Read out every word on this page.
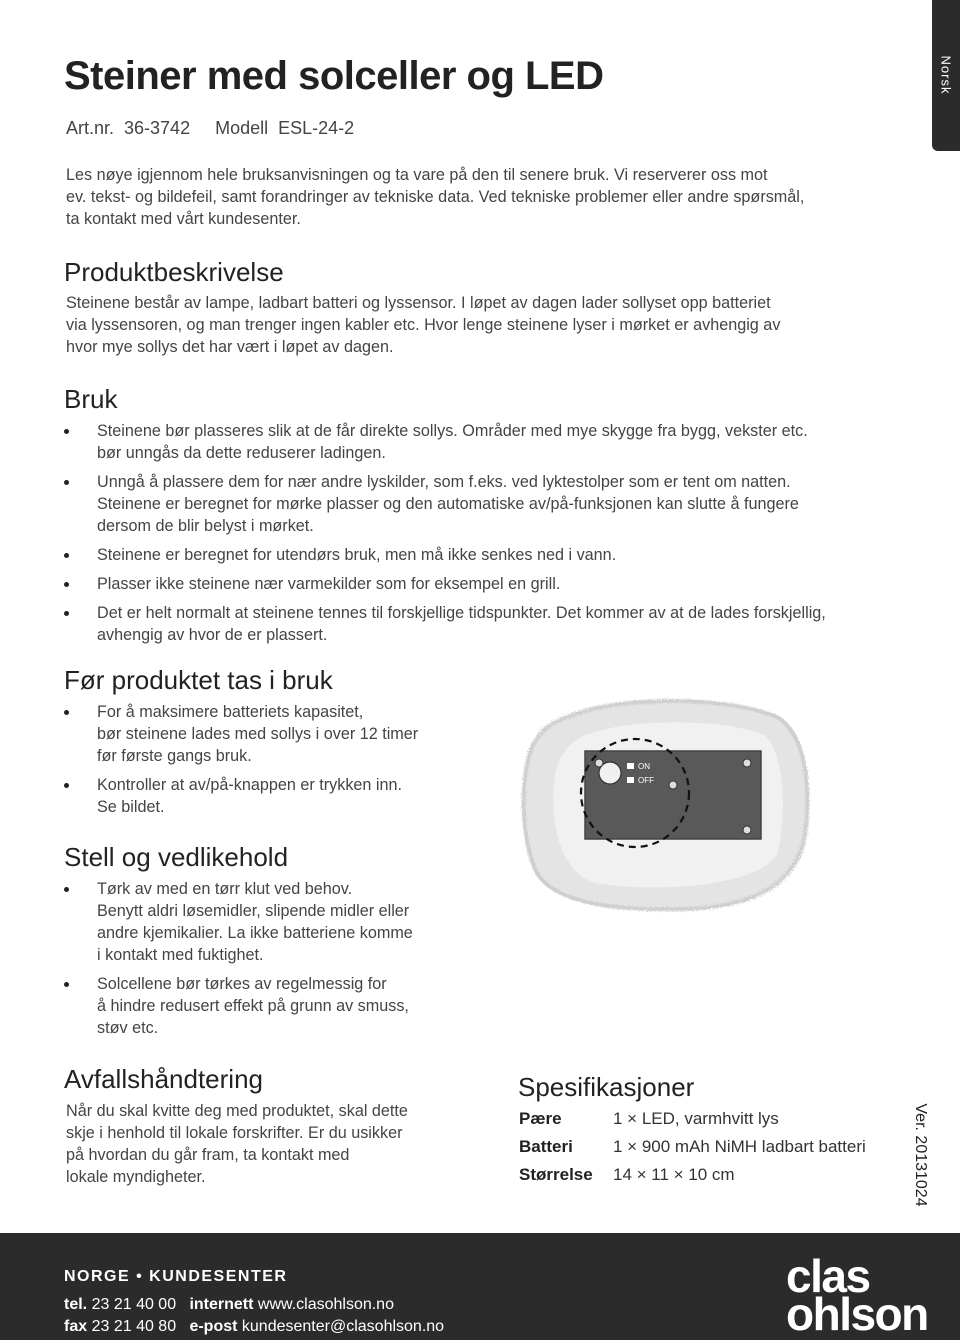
Norsk
Steiner med solceller og LED
Art.nr.  36-3742     Modell  ESL-24-2

Les nøye igjennom hele bruksanvisningen og ta vare på den til senere bruk. Vi reserverer oss mot

ev. tekst- og bildefeil, samt forandringer av tekniske data. Ved tekniske problemer eller andre spørsmål,

ta kontakt med vårt kundesenter.

Produktbeskrivelse

Steinene består av lampe, ladbart batteri og lyssensor. I løpet av dagen lader sollyset opp batteriet

via lyssensoren, og man trenger ingen kabler etc. Hvor lenge steinene lyser i mørket er avhengig av

hvor mye sollys det har vært i løpet av dagen.

Bruk
Steinene bør plasseres slik at de får direkte sollys. Områder med mye skygge fra bygg, vekster etc.
bør unngås da dette reduserer ladingen.
Unngå å plassere dem for nær andre lyskilder, som f.eks. ved lyktestolper som er tent om natten.
Steinene er beregnet for mørke plasser og den automatiske av/på-funksjonen kan slutte å fungere
dersom de blir belyst i mørket.
Steinene er beregnet for utendørs bruk, men må ikke senkes ned i vann.
Plasser ikke steinene nær varmekilder som for eksempel en grill.
Det er helt normalt at steinene tennes til forskjellige tidspunkter. Det kommer av at de lades forskjellig,
avhengig av hvor de er plassert.
Før produktet tas i bruk
For å maksimere batteriets kapasitet,
bør steinene lades med sollys i over 12 timer
før første gangs bruk.
Kontroller at av/på-knappen er trykken inn.
Se bildet.
ON
OFF
Stell og vedlikehold
Tørk av med en tørr klut ved behov.
Benytt aldri løsemidler, slipende midler eller
andre kjemikalier. La ikke batteriene komme
i kontakt med fuktighet.
Solcellene bør tørkes av regelmessig for
å hindre redusert effekt på grunn av smuss,
støv etc.
Avfallshåndtering

Når du skal kvitte deg med produktet, skal dette

skje i henhold til lokale forskrifter. Er du usikker

på hvordan du går fram, ta kontakt med

lokale myndigheter.

Spesifikasjoner
Pære	1 × LED, varmhvitt lys
Batteri 1 × 900 mAh NiMH ladbart batteri
Størrelse 14 × 11 × 10 cm	Ver. 20131024
NORGE • KUNDESENTER
tel. 23 21 40 00 internett www.clasohlson.no
fax 23 21 40 80 e-post kundesenter@clasohlson.no
clas
ohlson
